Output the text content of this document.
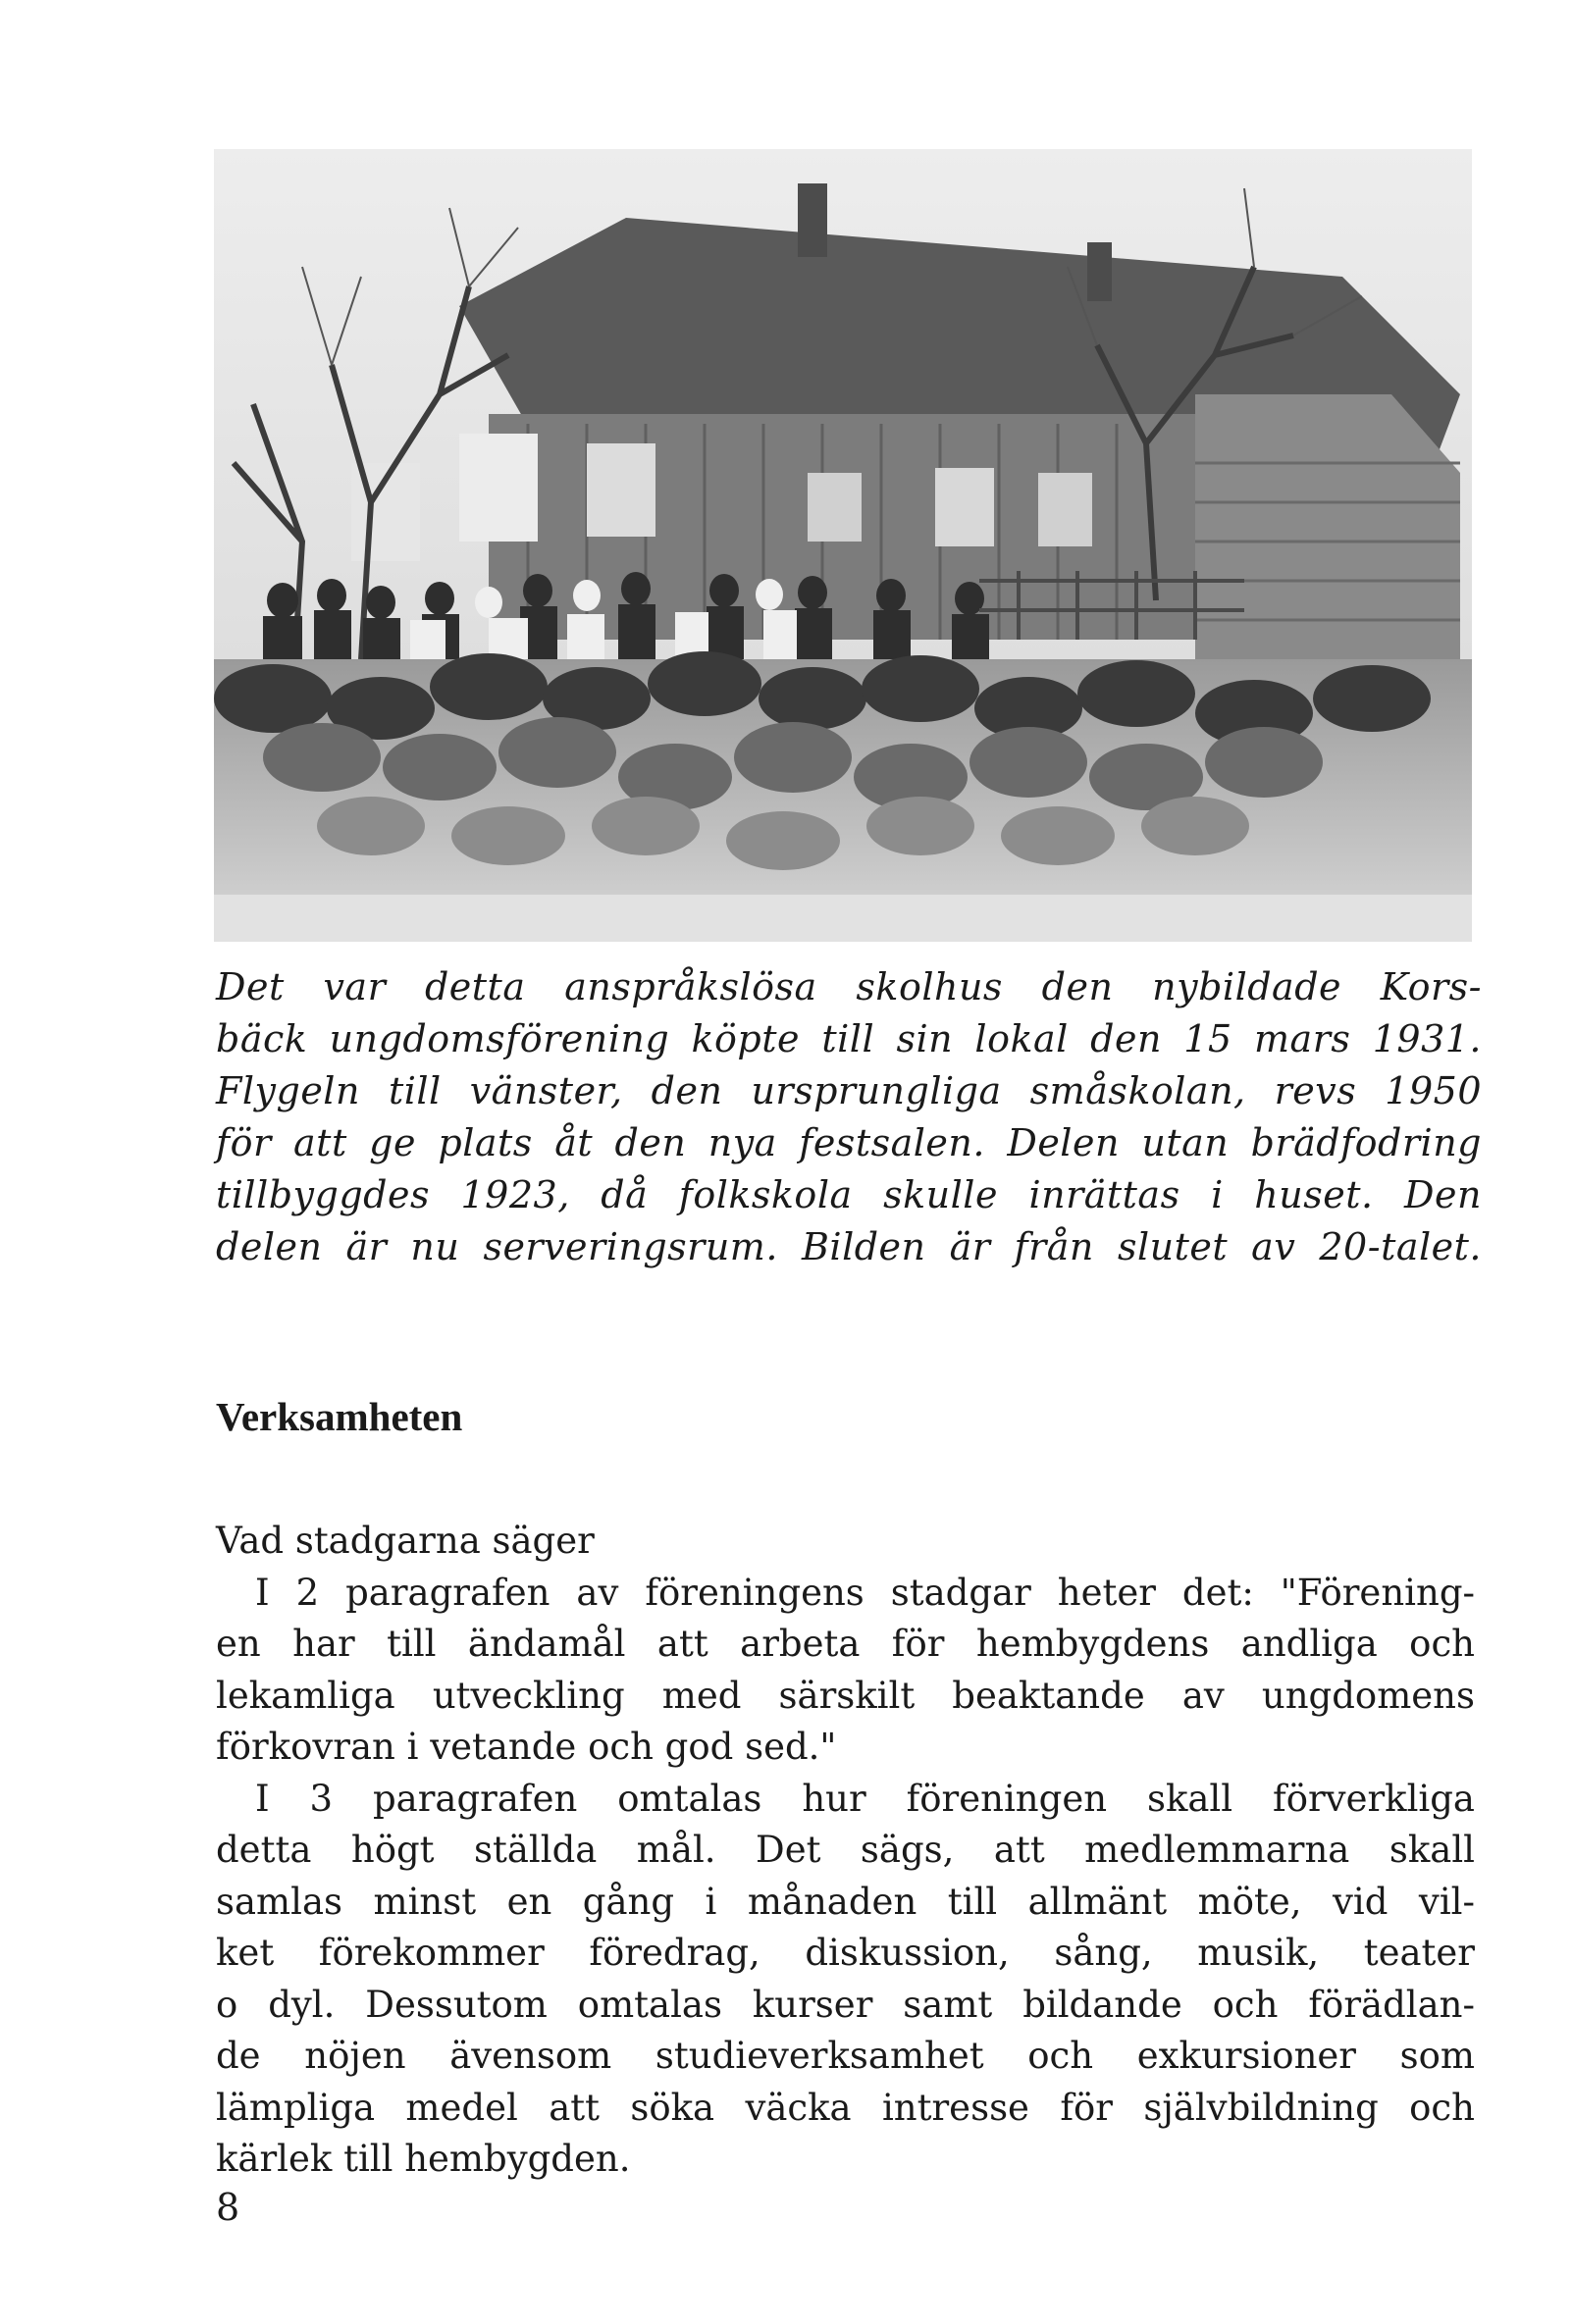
Det var detta anspråkslösa skolhus den nybildade Kors-
bäck ungdomsförening köpte till sin lokal den 15 mars 1931.
Flygeln till vänster, den ursprungliga småskolan, revs 1950
för att ge plats åt den nya festsalen. Delen utan brädfodring
tillbyggdes 1923, då folkskola skulle inrättas i huset. Den
delen är nu serveringsrum. Bilden är från slutet av 20-talet.
Verksamheten
Vad stadgarna säger
I 2 paragrafen av föreningens stadgar heter det: "Förening-
en har till ändamål att arbeta för hembygdens andliga och
lekamliga utveckling med särskilt beaktande av ungdomens
förkovran i vetande och god sed."
I 3 paragrafen omtalas hur föreningen skall förverkliga
detta högt ställda mål. Det sägs, att medlemmarna skall
samlas minst en gång i månaden till allmänt möte, vid vil-
ket förekommer föredrag, diskussion, sång, musik, teater
o dyl. Dessutom omtalas kurser samt bildande och förädlan-
de nöjen ävensom studieverksamhet och exkursioner som
lämpliga medel att söka väcka intresse för självbildning och
kärlek till hembygden.

8
